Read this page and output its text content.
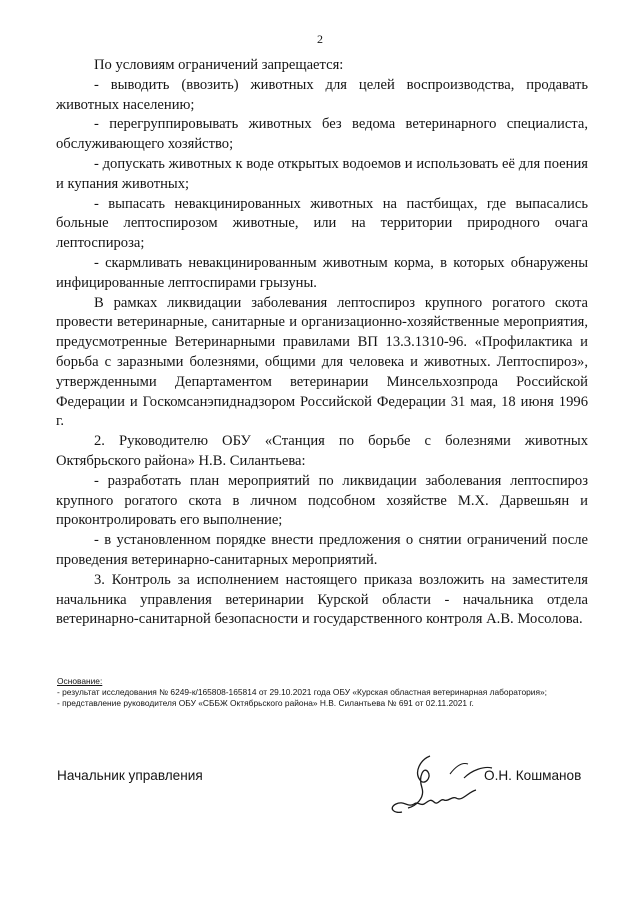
2

По условиям ограничений запрещается:

- выводить (ввозить) животных для целей воспроизводства, продавать животных населению;

- перегруппировывать животных без ведома ветеринарного специалиста, обслуживающего хозяйство;

- допускать животных к воде открытых водоемов и использовать её для поения и купания животных;

- выпасать невакцинированных животных на пастбищах, где выпасались больные лептоспирозом животные, или на территории природного очага лептоспироза;

- скармливать невакцинированным животным корма, в которых обнаружены инфицированные лептоспирами грызуны.

В рамках ликвидации заболевания лептоспироз крупного рогатого скота провести ветеринарные, санитарные и организационно-хозяйственные мероприятия, предусмотренные Ветеринарными правилами ВП 13.3.1310-96. «Профилактика и борьба с заразными болезнями, общими для человека и животных. Лептоспироз», утвержденными Департаментом ветеринарии Минсельхозпрода Российской Федерации и Госкомсанэпиднадзором Российской Федерации 31 мая, 18 июня 1996 г.

2. Руководителю ОБУ «Станция по борьбе с болезнями животных Октябрьского района» Н.В. Силантьева:

- разработать план мероприятий по ликвидации заболевания лептоспироз крупного рогатого скота в личном подсобном хозяйстве М.Х. Дарвешьян и проконтролировать его выполнение;

- в установленном порядке внести предложения о снятии ограничений после проведения ветеринарно-санитарных мероприятий.

3. Контроль за исполнением настоящего приказа возложить на заместителя начальника управления ветеринарии Курской области - начальника отдела ветеринарно-санитарной безопасности и государственного контроля А.В. Мосолова.

Основание:
- результат исследования № 6249-к/165808-165814 от 29.10.2021 года ОБУ «Курская областная ветеринарная лаборатория»;
- представление руководителя ОБУ «СББЖ Октябрьского района» Н.В. Силантьева № 691 от 02.11.2021 г.
Начальник управления	О.Н. Кошманов
